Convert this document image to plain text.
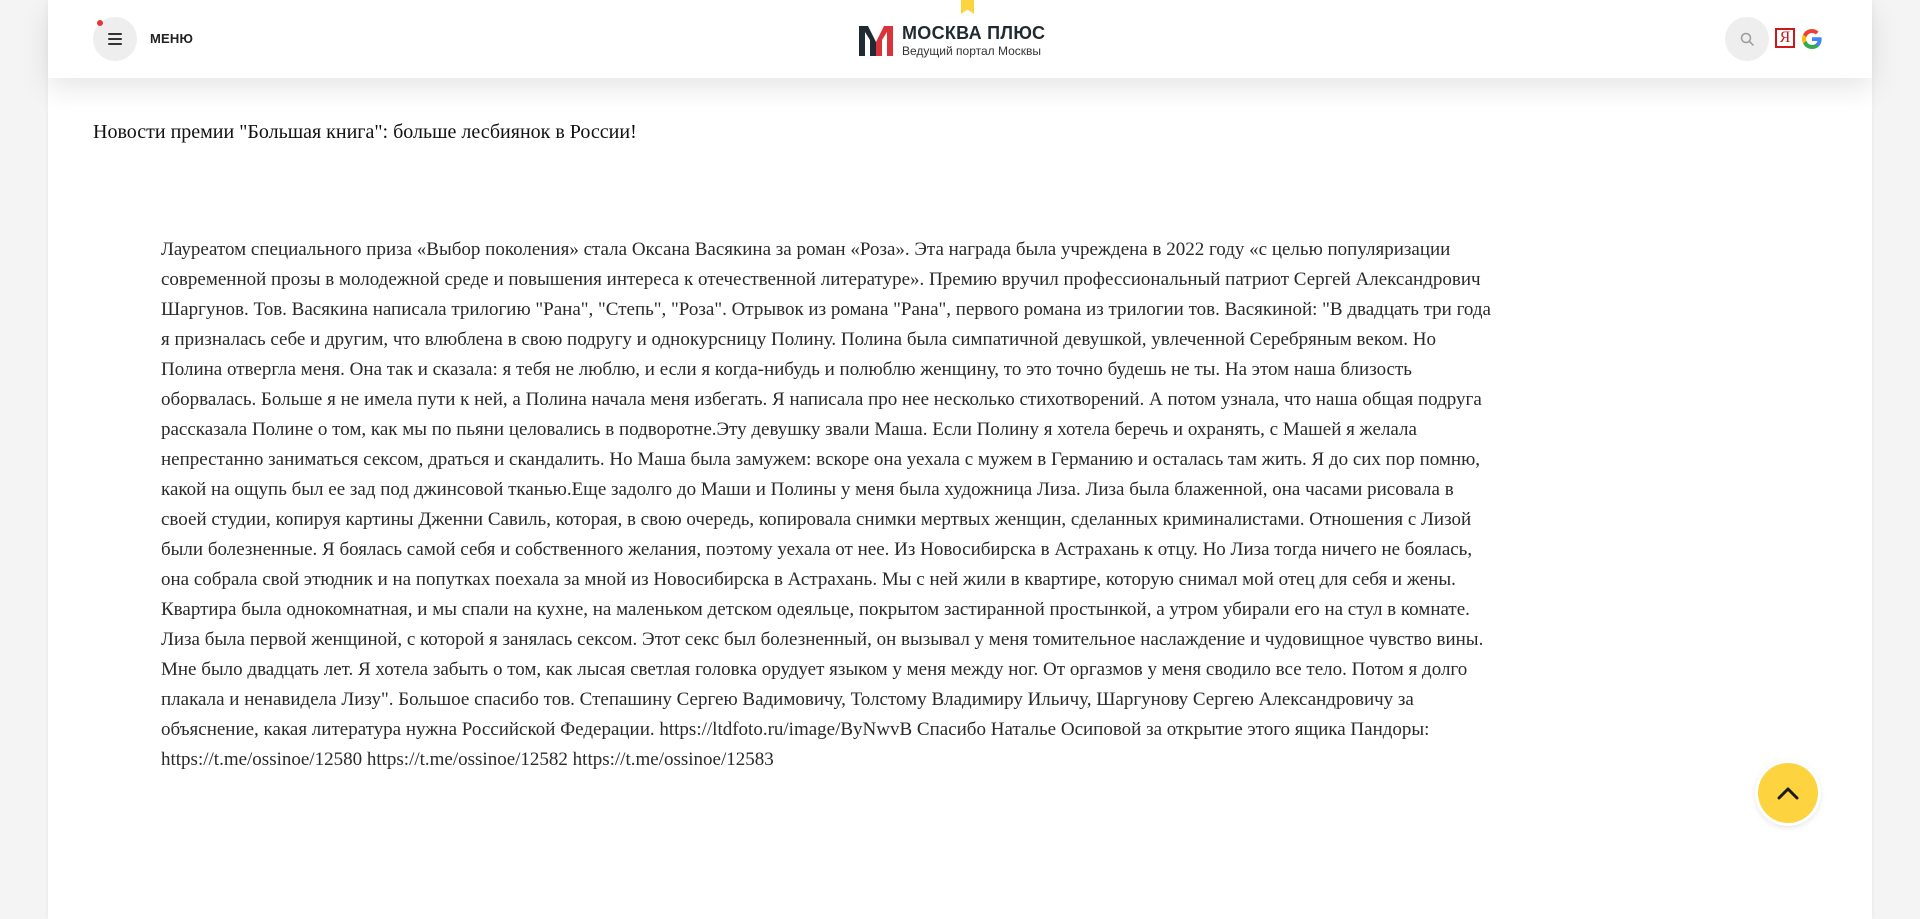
МЕНЮ	МОСКВА ПЛЮС
Ведущий портал Москвы
Я
Новости премии "Большая книга": больше лесбиянок в России!

Лауреатом специального приза «Выбор поколения» стала Оксана Васякина за роман «Роза». Эта награда была учреждена в 2022 году «с целью популяризации современной прозы в молодежной среде и повышения интереса к отечественной литературе». Премию вручил профессиональный патриот Сергей Александрович Шаргунов. Тов. Васякина написала трилогию "Рана", "Степь", "Роза". Отрывок из романа "Рана", первого романа из трилогии тов. Васякиной: "В двадцать три года я призналась себе и другим, что влюблена в свою подругу и однокурсницу Полину. Полина была симпатичной девушкой, увлеченной Серебряным веком. Но Полина отвергла меня. Она так и сказала: я тебя не люблю, и если я когда-нибудь и полюблю женщину, то это точно будешь не ты. На этом наша близость оборвалась. Больше я не имела пути к ней, а Полина начала меня избегать. Я написала про нее несколько стихотворений. А потом узнала, что наша общая подруга рассказала Полине о том, как мы по пьяни целовались в подворотне.Эту девушку звали Маша. Если Полину я хотела беречь и охранять, с Машей я желала непрестанно заниматься сексом, драться и скандалить. Но Маша была замужем: вскоре она уехала с мужем в Германию и осталась там жить. Я до сих пор помню, какой на ощупь был ее зад под джинсовой тканью.Еще задолго до Маши и Полины у меня была художница Лиза. Лиза была блаженной, она часами рисовала в своей студии, копируя картины Дженни Савиль, которая, в свою очередь, копировала снимки мертвых женщин, сделанных криминалистами. Отношения с Лизой были болезненные. Я боялась самой себя и собственного желания, поэтому уехала от нее. Из Новосибирска в Астрахань к отцу. Но Лиза тогда ничего не боялась, она собрала свой этюдник и на попутках поехала за мной из Новосибирска в Астрахань. Мы с ней жили в квартире, которую снимал мой отец для себя и жены. Квартира была однокомнатная, и мы спали на кухне, на маленьком детском одеяльце, покрытом застиранной простынкой, а утром убирали его на стул в комнате. Лиза была первой женщиной, с которой я занялась сексом. Этот секс был болезненный, он вызывал у меня томительное наслаждение и чудовищное чувство вины. Мне было двадцать лет. Я хотела забыть о том, как лысая светлая головка орудует языком у меня между ног. От оргазмов у меня сводило все тело. Потом я долго плакала и ненавидела Лизу". Большое спасибо тов. Степашину Сергею Вадимовичу, Толстому Владимиру Ильичу, Шаргунову Сергею Александровичу за объяснение, какая литература нужна Российской Федерации. https://ltdfoto.ru/image/ByNwvB Спасибо Наталье Осиповой за открытие этого ящика Пандоры: https://t.me/ossinoe/12580 https://t.me/ossinoe/12582 https://t.me/ossinoe/12583
